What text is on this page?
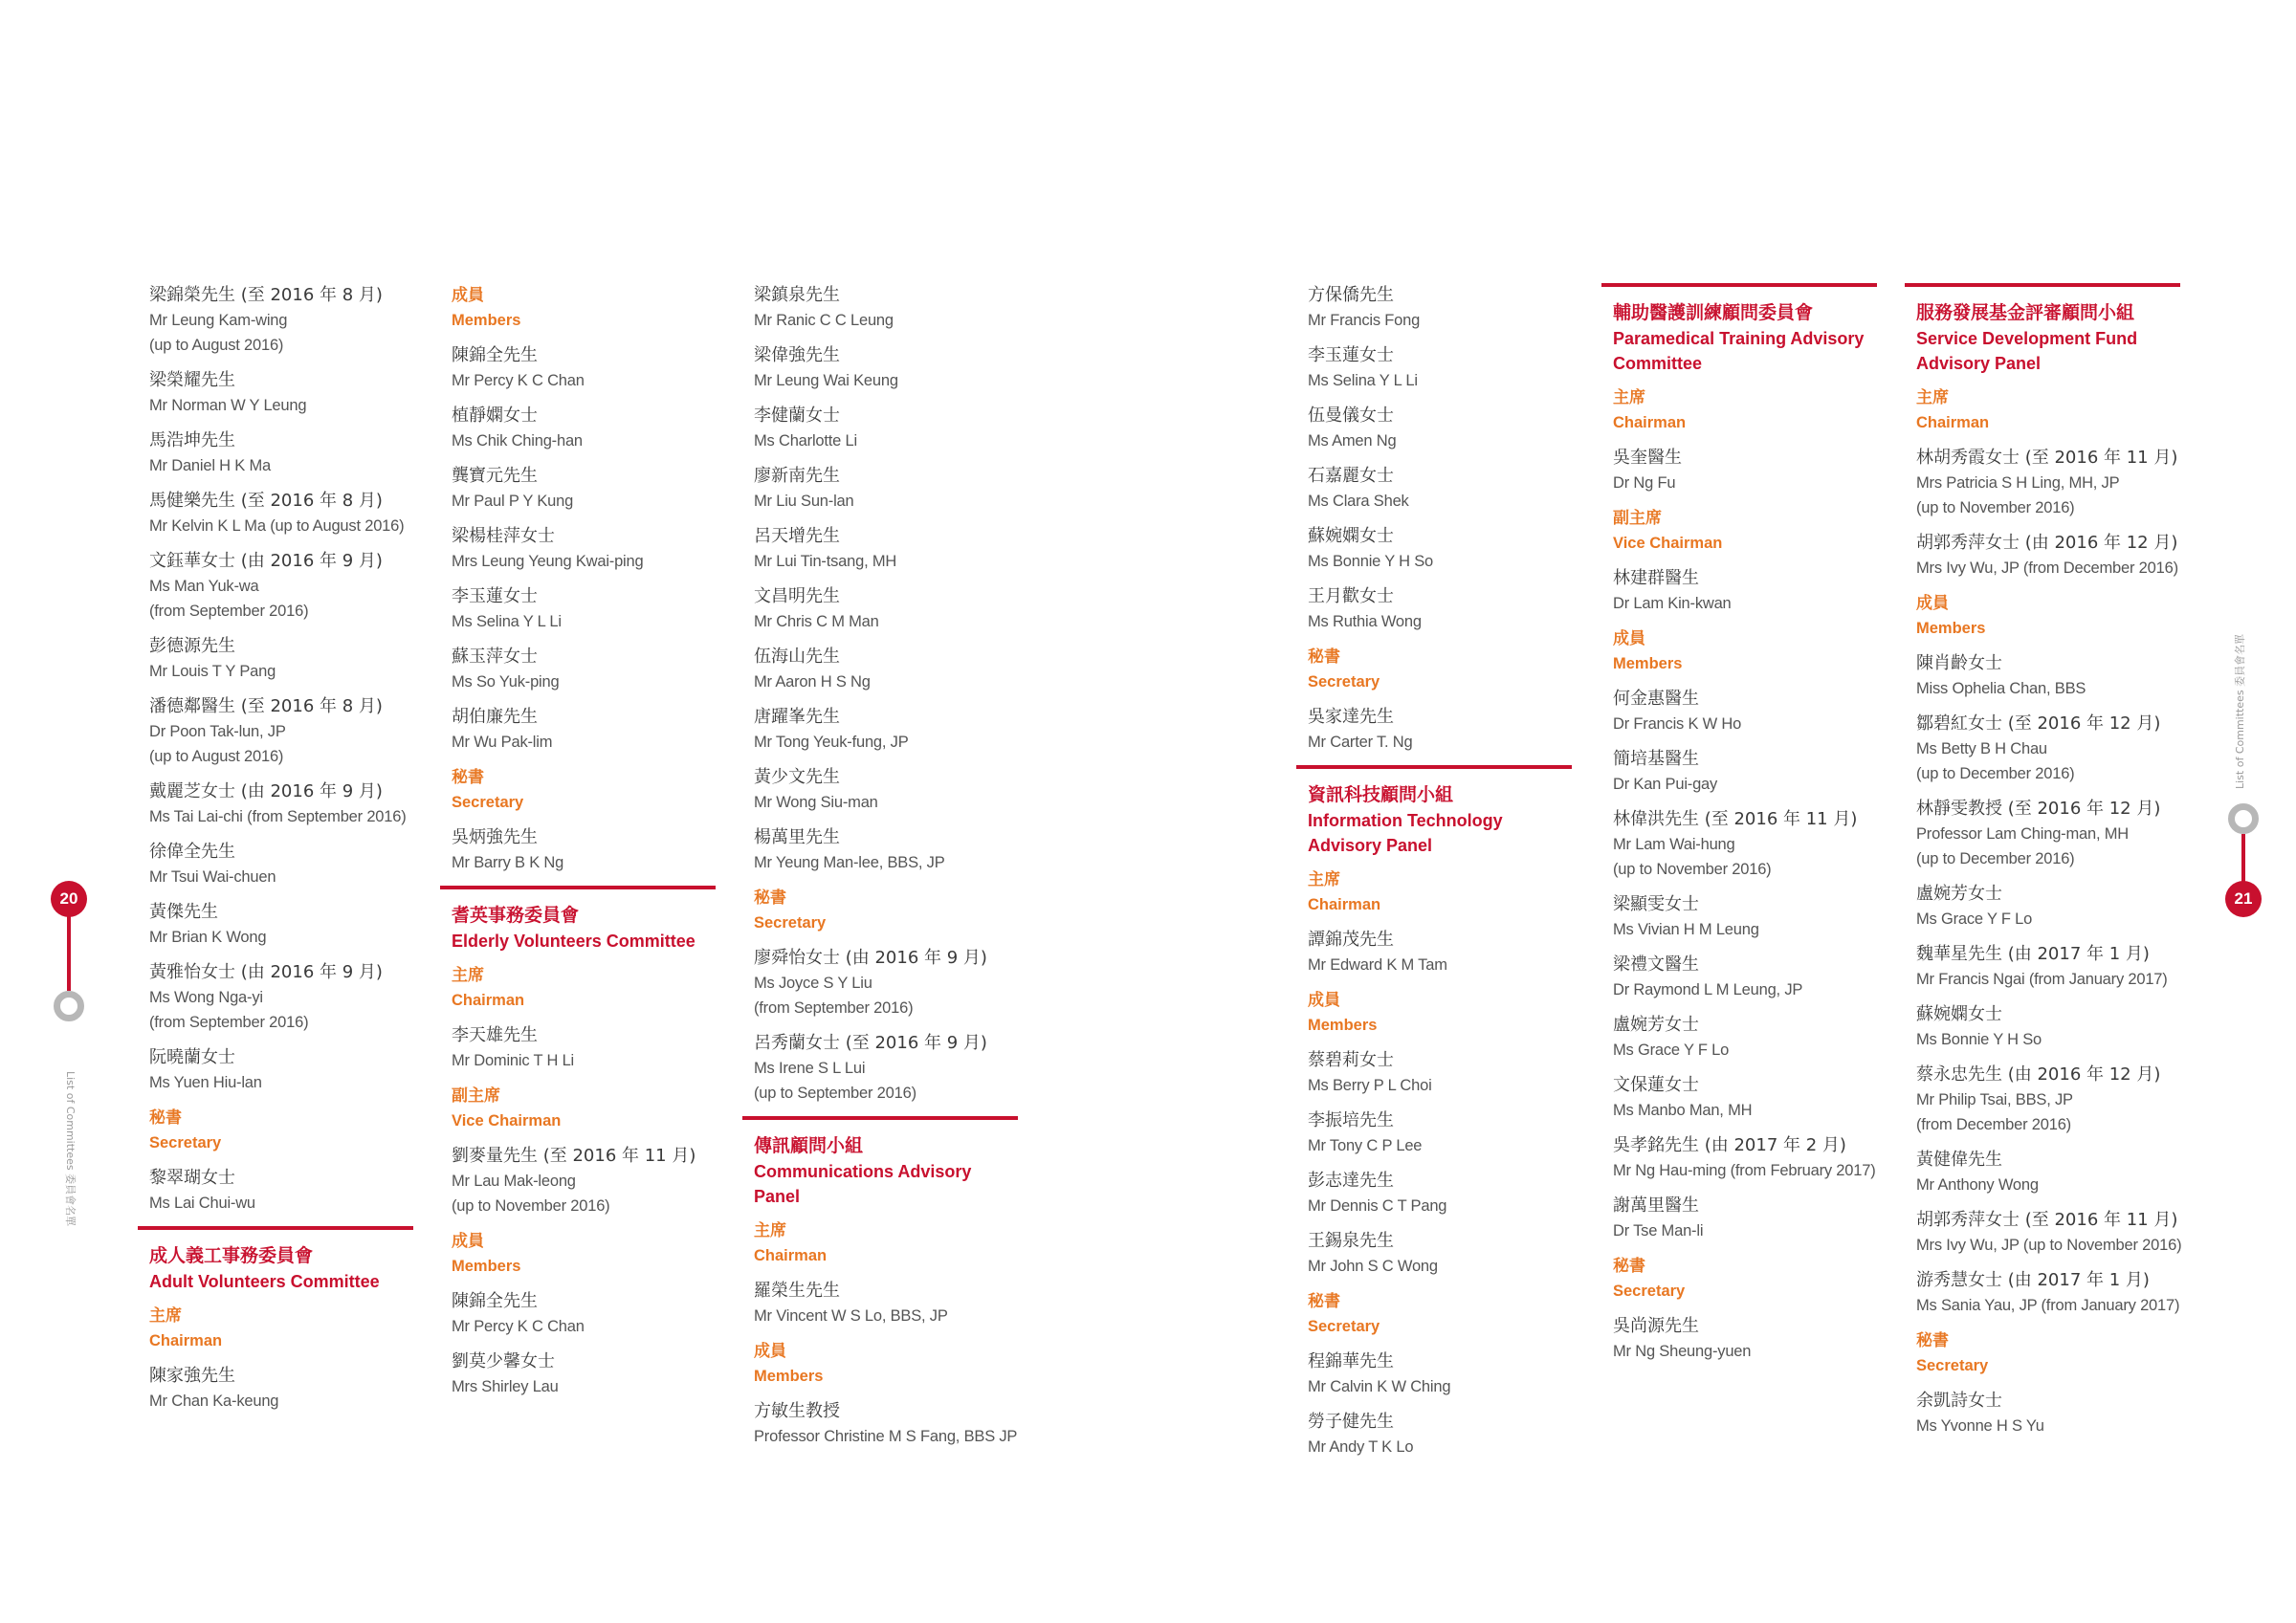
20
List of Committees 委員會名單
List of Committees 委員會名單
21
梁錦榮先生 (至 2016 年 8 月)
Mr Leung Kam-wing
(up to August 2016)
梁榮耀先生
Mr Norman W Y Leung
馬浩坤先生
Mr Daniel H K Ma
馬健樂先生 (至 2016 年 8 月)
Mr Kelvin K L Ma (up to August 2016)
文鈺華女士 (由 2016 年 9 月)
Ms Man Yuk-wa
(from September 2016)
彭德源先生
Mr Louis T Y Pang
潘德鄰醫生 (至 2016 年 8 月)
Dr Poon Tak-lun, JP
(up to August 2016)
戴麗芝女士 (由 2016 年 9 月)
Ms Tai Lai-chi (from September 2016)
徐偉全先生
Mr Tsui Wai-chuen
黃傑先生
Mr Brian K Wong
黃雅怡女士 (由 2016 年 9 月)
Ms Wong Nga-yi
(from September 2016)
阮曉蘭女士
Ms Yuen Hiu-lan
秘書
Secretary
黎翠瑚女士
Ms Lai Chui-wu
成人義工事務委員會
Adult Volunteers Committee
主席
Chairman
陳家強先生
Mr Chan Ka-keung
成員
Members
陳錦全先生
Mr Percy K C Chan
植靜嫻女士
Ms Chik Ching-han
龔寶元先生
Mr Paul P Y Kung
梁楊桂萍女士
Mrs Leung Yeung Kwai-ping
李玉蓮女士
Ms Selina Y L Li
蘇玉萍女士
Ms So Yuk-ping
胡伯廉先生
Mr Wu Pak-lim
秘書
Secretary
吳炳強先生
Mr Barry B K Ng
耆英事務委員會
Elderly Volunteers Committee
主席
Chairman
李天雄先生
Mr Dominic T H Li
副主席
Vice Chairman
劉麥量先生 (至 2016 年 11 月)
Mr Lau Mak-leong
(up to November 2016)
成員
Members
陳錦全先生
Mr Percy K C Chan
劉莫少馨女士
Mrs Shirley Lau
梁鎮泉先生
Mr Ranic C C Leung
梁偉強先生
Mr Leung Wai Keung
李健蘭女士
Ms Charlotte Li
廖新南先生
Mr Liu Sun-lan
呂天增先生
Mr Lui Tin-tsang, MH
文昌明先生
Mr Chris C M Man
伍海山先生
Mr Aaron H S Ng
唐躍峯先生
Mr Tong Yeuk-fung, JP
黃少文先生
Mr Wong Siu-man
楊萬里先生
Mr Yeung Man-lee, BBS, JP
秘書
Secretary
廖舜怡女士 (由 2016 年 9 月)
Ms Joyce S Y Liu
(from September 2016)
呂秀蘭女士 (至 2016 年 9 月)
Ms Irene S L Lui
(up to September 2016)
傳訊顧問小組
Communications Advisory Panel
主席
Chairman
羅榮生先生
Mr Vincent W S Lo, BBS, JP
成員
Members
方敏生教授
Professor Christine M S Fang, BBS JP
方保僑先生
Mr Francis Fong
李玉蓮女士
Ms Selina Y L Li
伍曼儀女士
Ms Amen Ng
石嘉麗女士
Ms Clara Shek
蘇婉嫻女士
Ms Bonnie Y H So
王月歡女士
Ms Ruthia Wong
秘書
Secretary
吳家達先生
Mr Carter T. Ng
資訊科技顧問小組
Information Technology Advisory Panel
主席
Chairman
譚錦茂先生
Mr Edward K M Tam
成員
Members
蔡碧莉女士
Ms Berry P L Choi
李振培先生
Mr Tony C P Lee
彭志達先生
Mr Dennis C T Pang
王錫泉先生
Mr John S C Wong
秘書
Secretary
程錦華先生
Mr Calvin K W Ching
勞子健先生
Mr Andy T K Lo
輔助醫護訓練顧問委員會
Paramedical Training Advisory Committee
主席
Chairman
吳奎醫生
Dr Ng Fu
副主席
Vice Chairman
林建群醫生
Dr Lam Kin-kwan
成員
Members
何金惠醫生
Dr Francis K W Ho
簡培基醫生
Dr Kan Pui-gay
林偉洪先生 (至 2016 年 11 月)
Mr Lam Wai-hung
(up to November 2016)
梁顯雯女士
Ms Vivian H M Leung
梁禮文醫生
Dr Raymond L M Leung, JP
盧婉芳女士
Ms Grace Y F Lo
文保蓮女士
Ms Manbo Man, MH
吳孝銘先生 (由 2017 年 2 月)
Mr Ng Hau-ming (from February 2017)
謝萬里醫生
Dr Tse Man-li
秘書
Secretary
吳尚源先生
Mr Ng Sheung-yuen
服務發展基金評審顧問小組
Service Development Fund Advisory Panel
主席
Chairman
林胡秀霞女士 (至 2016 年 11 月)
Mrs Patricia S H Ling, MH, JP
(up to November 2016)
胡郭秀萍女士 (由 2016 年 12 月)
Mrs Ivy Wu, JP (from December 2016)
成員
Members
陳肖齡女士
Miss Ophelia Chan, BBS
鄒碧紅女士 (至 2016 年 12 月)
Ms Betty B H Chau
(up to December 2016)
林靜雯教授 (至 2016 年 12 月)
Professor Lam Ching-man, MH
(up to December 2016)
盧婉芳女士
Ms Grace Y F Lo
魏華星先生 (由 2017 年 1 月)
Mr Francis Ngai (from January 2017)
蘇婉嫻女士
Ms Bonnie Y H So
蔡永忠先生 (由 2016 年 12 月)
Mr Philip Tsai, BBS, JP
(from December 2016)
黃健偉先生
Mr Anthony Wong
胡郭秀萍女士 (至 2016 年 11 月)
Mrs Ivy Wu, JP (up to November 2016)
游秀慧女士 (由 2017 年 1 月)
Ms Sania Yau, JP (from January 2017)
秘書
Secretary
余凱詩女士
Ms Yvonne H S Yu
